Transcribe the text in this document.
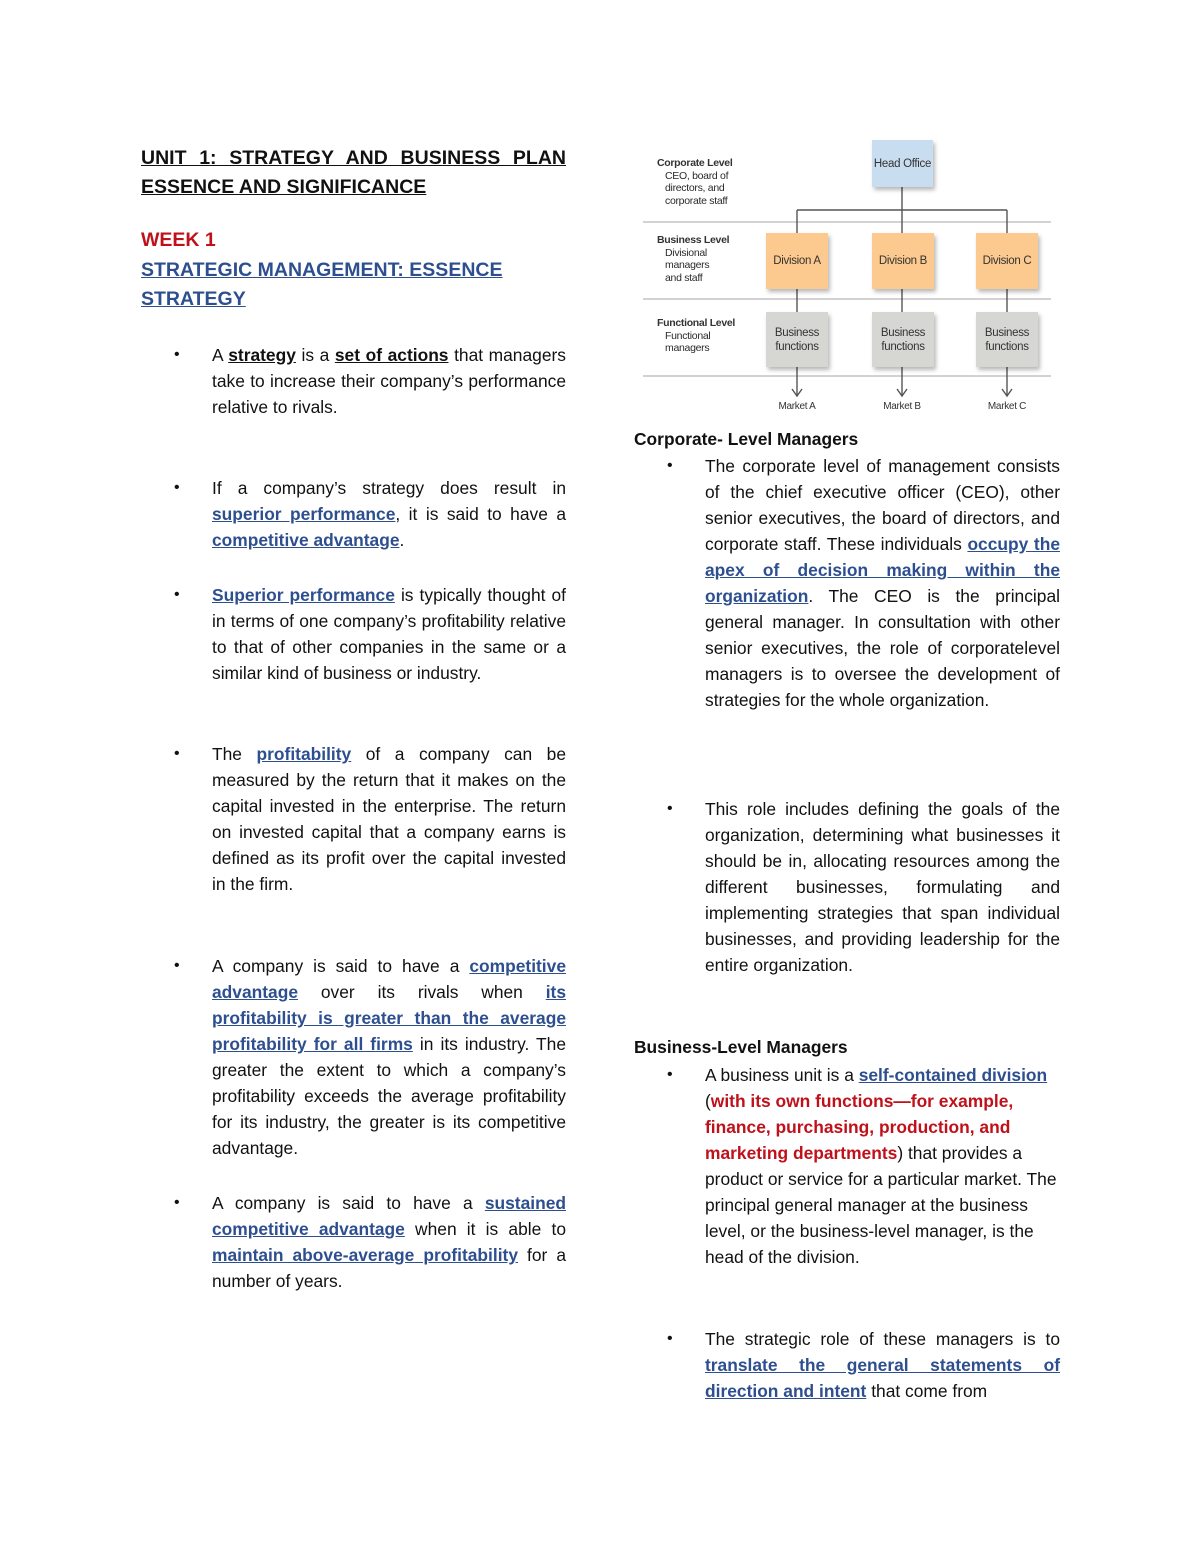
UNIT 1: STRATEGY AND BUSINESS PLAN ESSENCE AND SIGNIFICANCE
WEEK 1
STRATEGIC MANAGEMENT: ESSENCE STRATEGY
• A strategy is a set of actions that managers take to increase their company’s performance relative to rivals.
• If a company’s strategy does result in superior performance, it is said to have a competitive advantage.
• Superior performance is typically thought of in terms of one company’s profitability relative to that of other companies in the same or a similar kind of business or industry.
• The profitability of a company can be measured by the return that it makes on the capital invested in the enterprise. The return on invested capital that a company earns is defined as its profit over the capital invested in the firm.
• A company is said to have a competitive advantage over its rivals when its profitability is greater than the average profitability for all firms in its industry. The greater the extent to which a company’s profitability exceeds the average profitability for its industry, the greater is its competitive advantage.
• A company is said to have a sustained competitive advantage when it is able to maintain above-average profitability for a number of years.
Corporate Level
CEO, board of directors, and corporate staff
Business Level
Divisional managers and staff
Functional Level
Functional managers
Head Office
Division A	Division B	Division C
Business functions
Business functions
Business functions
Market A	Market B	Market C
Corporate- Level Managers
• The corporate level of management consists of the chief executive officer (CEO), other senior executives, the board of directors, and corporate staff. These individuals occupy the apex of decision making within the organization. The CEO is the principal general manager. In consultation with other senior executives, the role of corporatelevel managers is to oversee the development of strategies for the whole organization.
• This role includes defining the goals of the organization, determining what businesses it should be in, allocating resources among the different businesses, formulating and implementing strategies that span individual businesses, and providing leadership for the entire organization.
Business-Level Managers
• A business unit is a self-contained division (with its own functions—for example, finance, purchasing, production, and marketing departments) that provides a product or service for a particular market. The principal general manager at the business level, or the business-level manager, is the head of the division.
• The strategic role of these managers is to translate the general statements of direction and intent that come from
